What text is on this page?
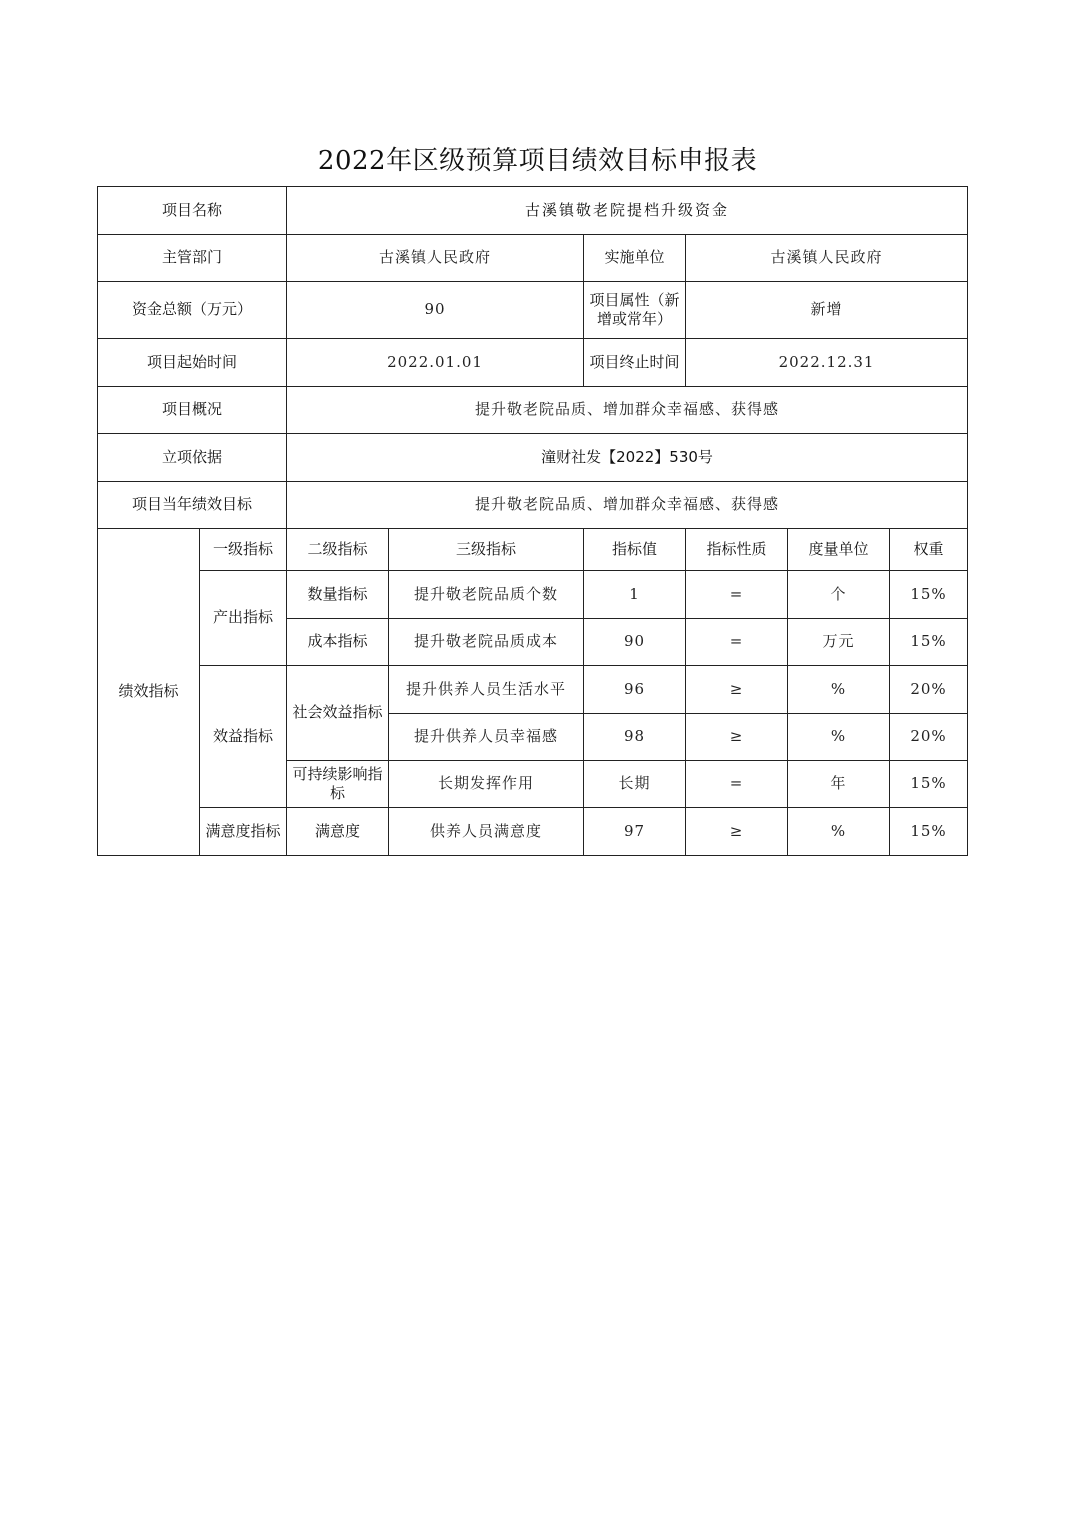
2022年区级预算项目绩效目标申报表
项目名称		古溪镇敬老院提档升级资金					
主管部门		古溪镇人民政府		实施单位	古溪镇人民政府		
资金总额（万元）		90		项目属性（新增或常年）	新增		
项目起始时间		2022.01.01		项目终止时间	2022.12.31		
项目概况		提升敬老院品质、增加群众幸福感、获得感					
立项依据		潼财社发【2022】530号					
项目当年绩效目标		提升敬老院品质、增加群众幸福感、获得感					
绩效指标	一级指标	二级指标	三级指标	指标值	指标性质	度量单位	权重
	产出指标	数量指标	提升敬老院品质个数	1	=	个	15%
		成本指标	提升敬老院品质成本	90	=	万元	15%
	效益指标	社会效益指标	提升供养人员生活水平	96	≥	%	20%
			提升供养人员幸福感	98	≥	%	20%
		可持续影响指标	长期发挥作用	长期	=	年	15%
	满意度指标	满意度	供养人员满意度	97	≥	%	15%
